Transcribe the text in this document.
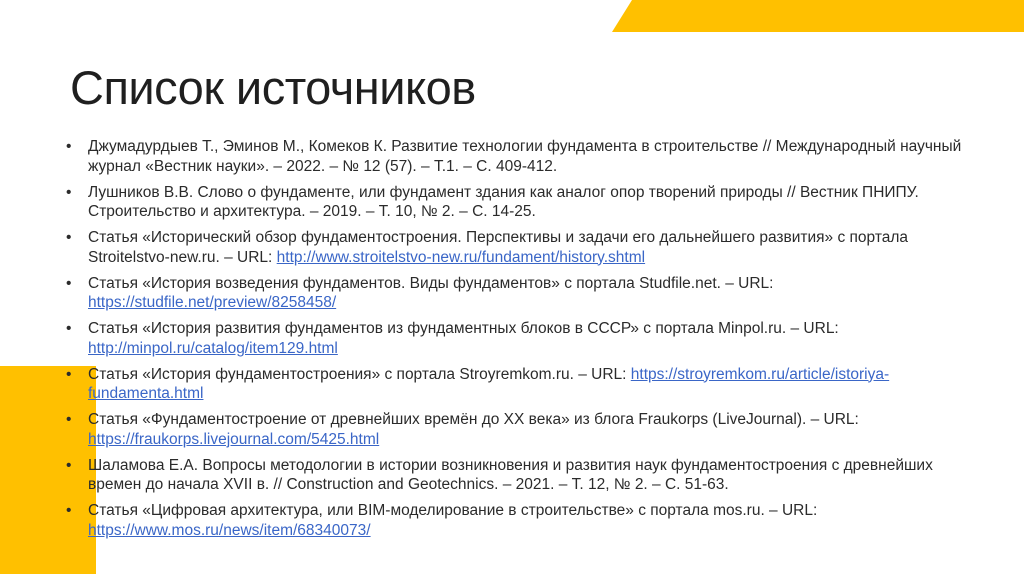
Список источников
• Джумадурдыев Т., Эминов М., Комеков К. Развитие технологии фундамента в строительстве // Международный научный журнал «Вестник науки». – 2022. – № 12 (57). – Т.1. – С. 409-412.
• Лушников В.В. Слово о фундаменте, или фундамент здания как аналог опор творений природы // Вестник ПНИПУ. Строительство и архитектура. – 2019. – Т. 10, № 2. – С. 14-25.
• Статья «Исторический обзор фундаментостроения. Перспективы и задачи его дальнейшего развития» с портала Stroitelstvo-new.ru. – URL: http://www.stroitelstvo-new.ru/fundament/history.shtml
• Статья «История возведения фундаментов. Виды фундаментов» с портала Studfile.net. – URL: https://studfile.net/preview/8258458/
• Статья «История развития фундаментов из фундаментных блоков в СССР» с портала Minpol.ru. – URL: http://minpol.ru/catalog/item129.html
• Статья «История фундаментостроения» с портала Stroyremkom.ru. – URL: https://stroyremkom.ru/article/istoriya-fundamenta.html
• Статья «Фундаментостроение от древнейших времён до XX века» из блога Fraukorps (LiveJournal). – URL: https://fraukorps.livejournal.com/5425.html
• Шаламова Е.А. Вопросы методологии в истории возникновения и развития наук фундаментостроения с древнейших времен до начала XVII в. // Construction and Geotechnics. – 2021. – Т. 12, № 2. – С. 51-63.
• Статья «Цифровая архитектура, или BIM-моделирование в строительстве» с портала mos.ru. – URL: https://www.mos.ru/news/item/68340073/
